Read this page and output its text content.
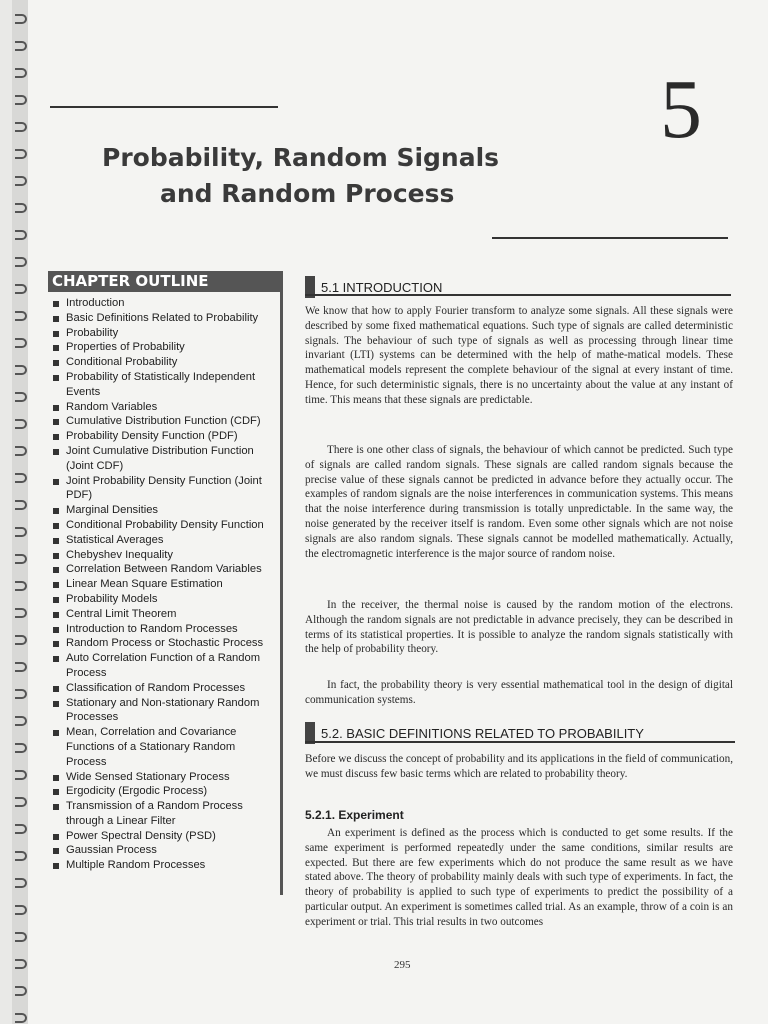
5
Probability, Random Signals
and Random Process
CHAPTER OUTLINE
Introduction
Basic Definitions Related to Probability
Probability
Properties of Probability
Conditional Probability
Probability of Statistically Independent Events
Random Variables
Cumulative Distribution Function (CDF)
Probability Density Function (PDF)
Joint Cumulative Distribution Function (Joint CDF)
Joint Probability Density Function (Joint PDF)
Marginal Densities
Conditional Probability Density Function
Statistical Averages
Chebyshev Inequality
Correlation Between Random Variables
Linear Mean Square Estimation
Probability Models
Central Limit Theorem
Introduction to Random Processes
Random Process or Stochastic Process
Auto Correlation Function of a Random Process
Classification of Random Processes
Stationary and Non-stationary Random Processes
Mean, Correlation and Covariance Functions of a Stationary Random Process
Wide Sensed Stationary Process
Ergodicity (Ergodic Process)
Transmission of a Random Process through a Linear Filter
Power Spectral Density (PSD)
Gaussian Process
Multiple Random Processes
5.1 INTRODUCTION

We know that how to apply Fourier transform to analyze some signals. All these signals were described by some fixed mathematical equations. Such type of signals are called deterministic signals. The behaviour of such type of signals as well as processing through linear time invariant (LTI) systems can be determined with the help of mathe-matical models. These mathematical models represent the complete behaviour of the signal at every instant of time. Hence, for such deterministic signals, there is no uncertainty about the value at any instant of time. This means that these signals are predictable.

There is one other class of signals, the behaviour of which cannot be predicted. Such type of signals are called random signals. These signals are called random signals because the precise value of these signals cannot be predicted in advance before they actually occur. The examples of random signals are the noise interferences in communication systems. This means that the noise interference during transmission is totally unpredictable. In the same way, the noise generated by the receiver itself is random. Even some other signals which are not noise signals are also random signals. These signals cannot be modelled mathematically. Actually, the electromagnetic interference is the major source of random noise.

In the receiver, the thermal noise is caused by the random motion of the electrons. Although the random signals are not predictable in advance precisely, they can be described in terms of its statistical properties. It is possible to analyze the random signals statistically with the help of probability theory.

In fact, the probability theory is very essential mathematical tool in the design of digital communication systems.

5.2. BASIC DEFINITIONS RELATED TO PROBABILITY

Before we discuss the concept of probability and its applications in the field of communication, we must discuss few basic terms which are related to probability theory.

5.2.1. Experiment

An experiment is defined as the process which is conducted to get some results. If the same experiment is performed repeatedly under the same conditions, similar results are expected. But there are few experiments which do not produce the same result as we have stated above. The theory of probability mainly deals with such type of experiments. In fact, the theory of probability is applied to such type of experiments to predict the possibility of a particular output. An experiment is sometimes called trial. As an example, throw of a coin is an experiment or trial. This trial results in two outcomes

295
